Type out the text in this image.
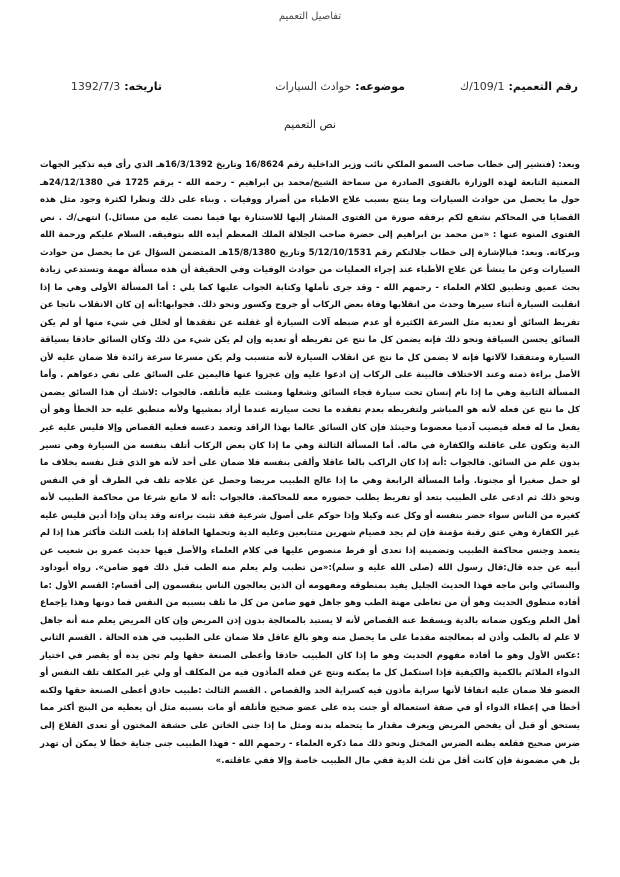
تفاصيل التعميم
رقم التعميم:109/1/ك
موضوعه:حوادث السيارات
تاريخه:1392/7/3
نص التعميم

وبعد: (فنشير إلى خطاب صاحب السمو الملكي نائب وزير الداخلية رقم 16/8624 وتاريخ 16/3/1392هـ الذي رأى فيه تذكير الجهات المعنية التابعة لهذه الوزارة بالفتوى الصادرة من سماحة الشيخ/محمد بن ابراهيم - رحمه الله - برقم 1725 في 24/12/1380هـ حول ما يحصل من حوادث السيارات وما ينتج بسبب علاج الاطباء من أضرار ووفيات . وبناء على ذلك ونظرا لكثرة وجود مثل هذه القضايا في المحاكم نشفع لكم برفقه صورة من الفتوى المشار إليها للاستنارة بها فيما نصت عليه من مسائل.) انتهى/ك . نص الفتوى المنوه عنها : «من محمد بن ابراهيم إلى حضرة صاحب الجلالة الملك المعظم أيده الله بتوفيقه. السلام عليكم ورحمة الله وبركاته. وبعد: فبالإشارة إلى خطاب جلالتكم رقم 5/12/10/1531 وتاريخ 15/8/1380هـ المتضمن السؤال عن ما يحصل من حوادث السيارات وعن ما ينشأ عن علاج الأطباء عند إجراء العمليات من حوادث الوفيات وفي الحقيقة أن هذه مسألة مهمة وتستدعي زيادة بحث عميق وتطبيق لكلام العلماء - رحمهم الله - وقد جرى تأملها وكتابة الجواب عليها كما يلي : أما المسألة الأولى وهي ما إذا انقلبت السيارة أثناء سيرها وحدث من انقلابها وفاة بعض الركاب أو جروح وكسور ونحو ذلك. فجوابها:أنه إن كان الانقلاب ناتجا عن تفريط السائق أو تعديه مثل السرعة الكثيرة أو عدم ضبطه آلات السيارة أو غفلته عن تفقدها أو لخلل في شيء منها أو لم يكن السائق يحسن السياقة ونحو ذلك فإنه يضمن كل ما نتج عن تفريطه أو تعديه وإن لم يكن شيء من ذلك وكان السائق حاذقا بسياقة السيارة ومتفقدا لآلاتها فإنه لا يضمن كل ما نتج عن انقلاب السيارة لأنه متسبب ولم يكن مسرعا سرعة زائدة فلا ضمان عليه لأن الأصل براءة ذمته وعند الاختلاف فالبينة على الركاب إن ادعوا عليه وإن عجزوا عنها فاليمين على السائق على نفي دعواهم . وأما المسألة الثانية وهي ما إذا نام إنسان تحت سيارة فجاء السائق وشغلها ومشت عليه فأتلفه. فالجواب :لاشك أن هذا السائق يضمن كل ما نتج عن فعله لأنه هو المباشر ولتفريطه بعدم تفقده ما تحت سيارته عندما أراد بمشيها ولأنه منطبق عليه حد الخطأ وهو أن يفعل ما له فعله فيصيب آدميا معصوما وحينئذ فإن كان السائق عالما بهذا الراقد وتعمد دعسه فعليه القصاص وإلا فليس عليه غير الدية وتكون على عاقلته والكفارة في ماله. أما المسألة الثالثة وهي ما إذا كان بعض الركاب أتلف بنفسه من السيارة وهي تسير بدون علم من السائق. فالجواب :أنه إذا كان الراكب بالغا عاقلا وألقى بنفسه فلا ضمان على أحد لأنه هو الذي قتل نفسه بخلاف ما لو حمل صغيرا أو مجنونا. وأما المسألة الرابعة وهي ما إذا عالج الطبيب مريضا وحصل عن علاجه تلف في الطرف أو في النفس ونحو ذلك ثم ادعى على الطبيب بتعد أو تفريط يطلب حضوره معه للمحاكمة. فالجواب :أنه لا مانع شرعا من محاكمة الطبيب لأنه كغيره من الناس سواء حضر بنفسه أو وكل عنه وكيلا وإذا حوكم على أصول شرعية فقد تثبت براءته وقد يدان وإذا أدين فليس عليه غير الكفارة وهي عتق رقبة مؤمنة فإن لم يجد فصيام شهرين متتابعين وعليه الدية وتحملها العاقلة إذا بلغت الثلث فأكثر هذا إذا لم يتعمد وجنس محاكمة الطبيب وتضمينه إذا تعدى أو فرط منصوص عليها في كلام العلماء والأصل فيها حديث عمرو بن شعيب عن أبيه عن جده قال:قال رسول الله (صلى الله عليه و سلم):«من تطبب ولم يعلم منه الطب قبل ذلك فهو ضامن». رواه أبوداود والنسائي وابن ماجه فهذا الحديث الجليل يفيد بمنطوقه ومفهومه أن الذين يعالجون الناس ينقسمون إلى أقسام: القسم الأول :ما أفاده منطوق الحديث وهو أن من تعاطى مهنة الطب وهو جاهل فهو ضامن من كل ما تلف بسببه من النفس فما دونها وهذا بإجماع أهل العلم ويكون ضمانه بالدية ويسقط عنه القصاص لأنه لا يستبد بالمعالجة بدون إذن المريض وإن كان المريض يعلم منه أنه جاهل لا علم له بالطب وأذن له بمعالجته مقدما على ما يحصل منه وهو بالغ عاقل فلا ضمان على الطبيب في هذه الحالة . القسم الثاني :عكس الأول وهو ما أفاده مفهوم الحديث وهو ما إذا كان الطبيب حاذقا وأعطى الصنعة حقها ولم تجن يده أو يقصر في اختيار الدواء الملائم بالكمية والكيفية فإذا استكمل كل ما يمكنه ونتج عن فعله المأذون فيه من المكلف أو ولي غير المكلف تلف النفس أو العضو فلا ضمان عليه اتفاقا لأنها سراية مأذون فيه كسراية الحد والقصاص . القسم الثالث :طبيب حاذق أعطى الصنعة حقها ولكنه أخطأ في إعطاء الدواء أو في صفة استعماله أو جنت يده على عضو صحيح فأتلفه أو مات بسببه مثل أن يعطيه من البنج أكثر مما يستحق أو قبل أن يفحص المريض ويعرف مقدار ما يتحمله بدنه ومثل ما إذا جنى الخاتن على حشفة المختون أو تعدى القلاع إلى ضرس صحيح فقلعه يظنه الضرس المختل ونحو ذلك مما ذكره العلماء - رحمهم الله - فهذا الطبيب جنى جناية خطأ لا يمكن أن تهدر بل هي مضمونة فإن كانت أقل من ثلث الدية ففي مال الطبيب خاصة وإلا ففي عاقلته.»
